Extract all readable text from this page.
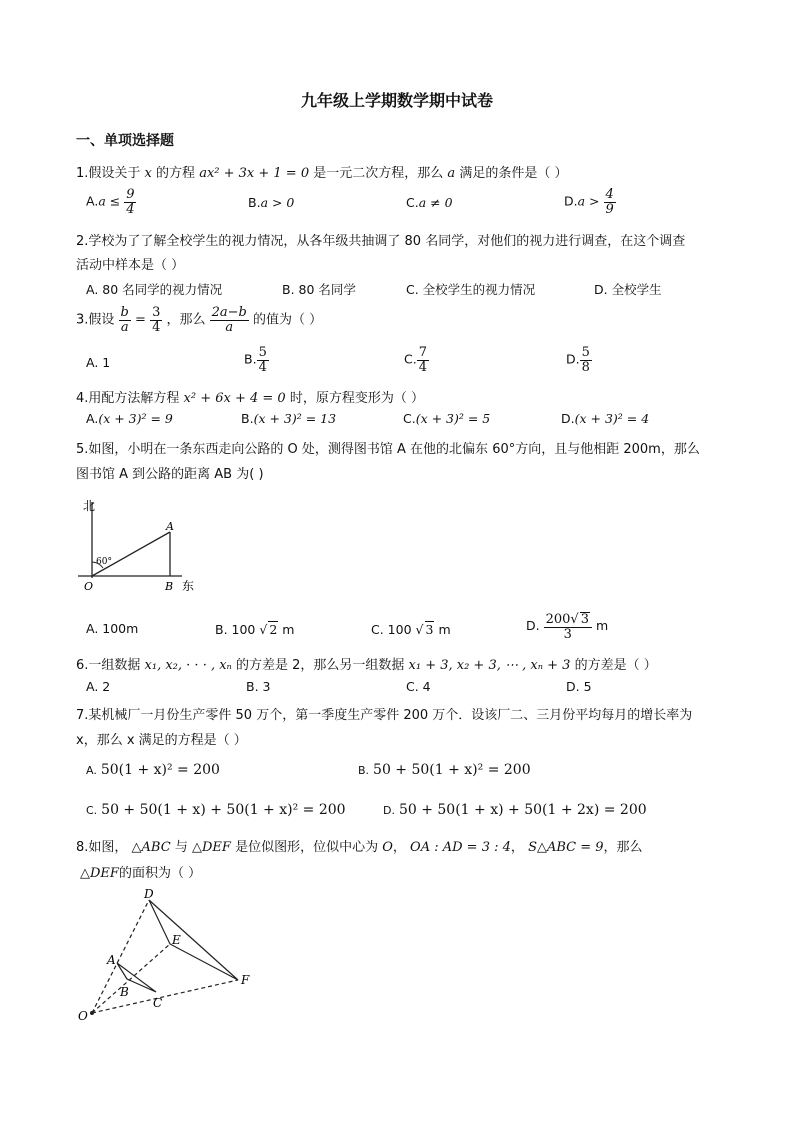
九年级上学期数学期中试卷
一、单项选择题
1.假设关于 x 的方程 ax² + 3x + 1 = 0 是一元二次方程，那么 a 满足的条件是（ ）
$A.a \le \frac{9}{4}$	B.a > 0	C.a ≠ 0	$D.a > \frac{4}{9}$
2.学校为了了解全校学生的视力情况，从各年级共抽调了 80 名同学，对他们的视力进行调查，在这个调查
活动中样本是（ ）
A. 80 名同学的视力情况	B. 80 名同学	C. 全校学生的视力情况	D. 全校学生
3.假设 $\frac{b}{a} = \frac{3}{4}$ ，那么 $\frac{2a-b}{a}$ 的值为（ ）
A. 1	B. $\frac{5}{4}$	C. $\frac{7}{4}$	D. $\frac{5}{8}$
4.用配方法解方程 x² + 6x + 4 = 0 时，原方程变形为（ ）
A.(x + 3)² = 9	B.(x + 3)² = 13	C.(x + 3)² = 5	D.(x + 3)² = 4
5.如图，小明在一条东西走向公路的 O 处，测得图书馆 A 在他的北偏东 60°方向，且与他相距 200m，那么
图书馆 A 到公路的距离 AB 为( )
北
东
60°
O
A
B
A. 100m	B. 100 √ 2 m	C. 100 √ 3 m	D. $\frac{200√ 3}{3}$ m
6.一组数据 x₁, x₂, · · · , xₙ 的方差是 2，那么另一组数据 x₁ + 3, x₂ + 3, ⋯ , xₙ + 3 的方差是（ ）
A. 2	B. 3	C. 4	D. 5
7.某机械厂一月份生产零件 50 万个，第一季度生产零件 200 万个．设该厂二、三月份平均每月的增长率为
x，那么 x 满足的方程是（ ）
A. 50(1 + x)² = 200	B. 50 + 50(1 + x)² = 200
C. 50 + 50(1 + x) + 50(1 + x)² = 200	D. 50 + 50(1 + x) + 50(1 + 2x) = 200
8.如图， △ABC 与 △DEF 是位似图形，位似中心为 O， OA : AD = 3 : 4， S△ABC = 9，那么
△DEF的面积为（ ）
O
A
B
C
D
E
F
